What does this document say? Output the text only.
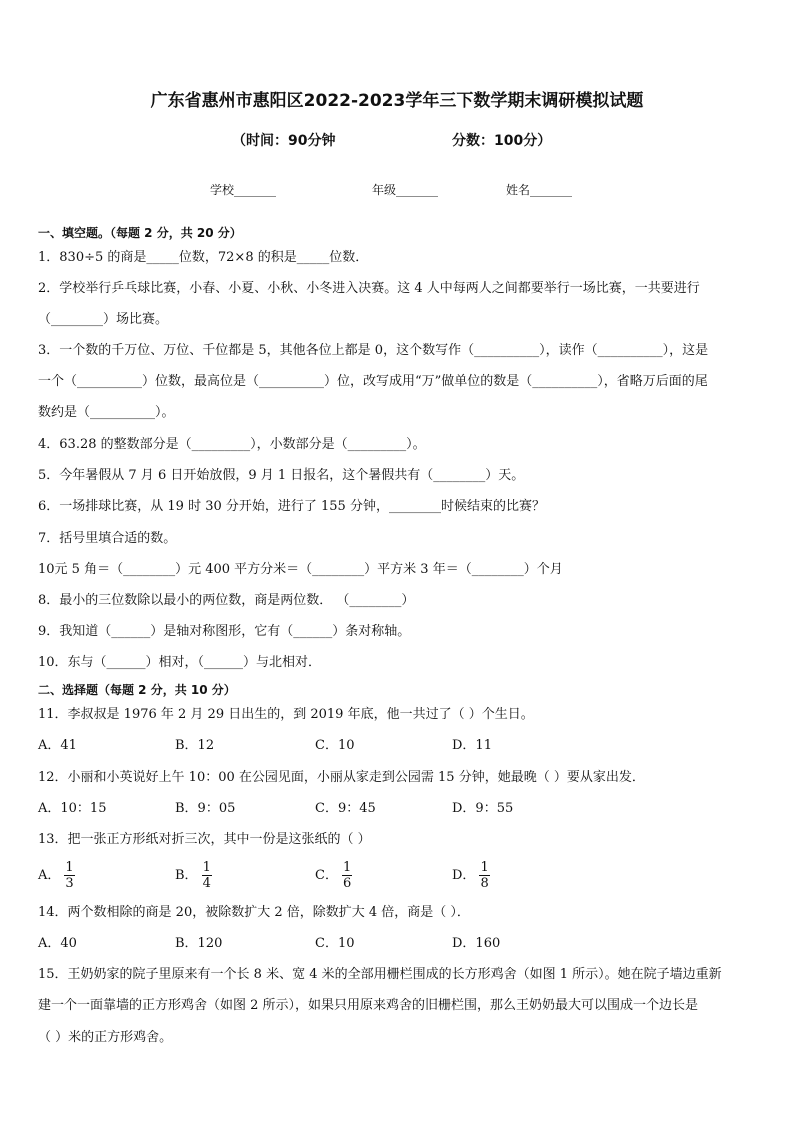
广东省惠州市惠阳区2022-2023学年三下数学期末调研模拟试题
（时间：90分钟	分数：100分）
学校_______	年级_______	姓名_______
一、填空题。（每题 2 分，共 20 分）
1．830÷5 的商是_____位数，72×8 的积是_____位数．
2．学校举行乒乓球比赛，小春、小夏、小秋、小冬进入决赛。这 4 人中每两人之间都要举行一场比赛，一共要进行
（________）场比赛。
3．一个数的千万位、万位、千位都是 5，其他各位上都是 0，这个数写作（__________），读作（__________），这是
一个（__________）位数，最高位是（__________）位，改写成用“万”做单位的数是（__________），省略万后面的尾
数约是（__________）。
4．63.28 的整数部分是（_________），小数部分是（_________）。
5．今年暑假从 7 月 6 日开始放假，9 月 1 日报名，这个暑假共有（________）天。
6．一场排球比赛，从 19 时 30 分开始，进行了 155 分钟，________时候结束的比赛？
7．括号里填合适的数。
10元 5 角＝（________）元 400 平方分米＝（________）平方米 3 年＝（________）个月
8．最小的三位数除以最小的两位数，商是两位数． （________）
9．我知道（______）是轴对称图形，它有（______）条对称轴。
10．东与（______）相对，（______）与北相对．
二、选择题（每题 2 分，共 10 分）
11．李叔叔是 1976 年 2 月 29 日出生的，到 2019 年底，他一共过了（ ）个生日。
A．41	B．12	C．10	D．11
12．小丽和小英说好上午 10：00 在公园见面，小丽从家走到公园需 15 分钟，她最晚（ ）要从家出发．
A．10：15	B．9：05	C．9：45	D．9：55
13．把一张正方形纸对折三次，其中一份是这张纸的（ ）
A． $\frac{1}{3}$	B． $\frac{1}{4}$	C． $\frac{1}{6}$	D． $\frac{1}{8}$
14．两个数相除的商是 20，被除数扩大 2 倍，除数扩大 4 倍，商是（ ）．
A．40	B．120	C．10	D．160
15．王奶奶家的院子里原来有一个长 8 米、宽 4 米的全部用栅栏围成的长方形鸡舍（如图 1 所示）。她在院子墙边重新
建一个一面靠墙的正方形鸡舍（如图 2 所示），如果只用原来鸡舍的旧栅栏围，那么王奶奶最大可以围成一个边长是
（ ）米的正方形鸡舍。
